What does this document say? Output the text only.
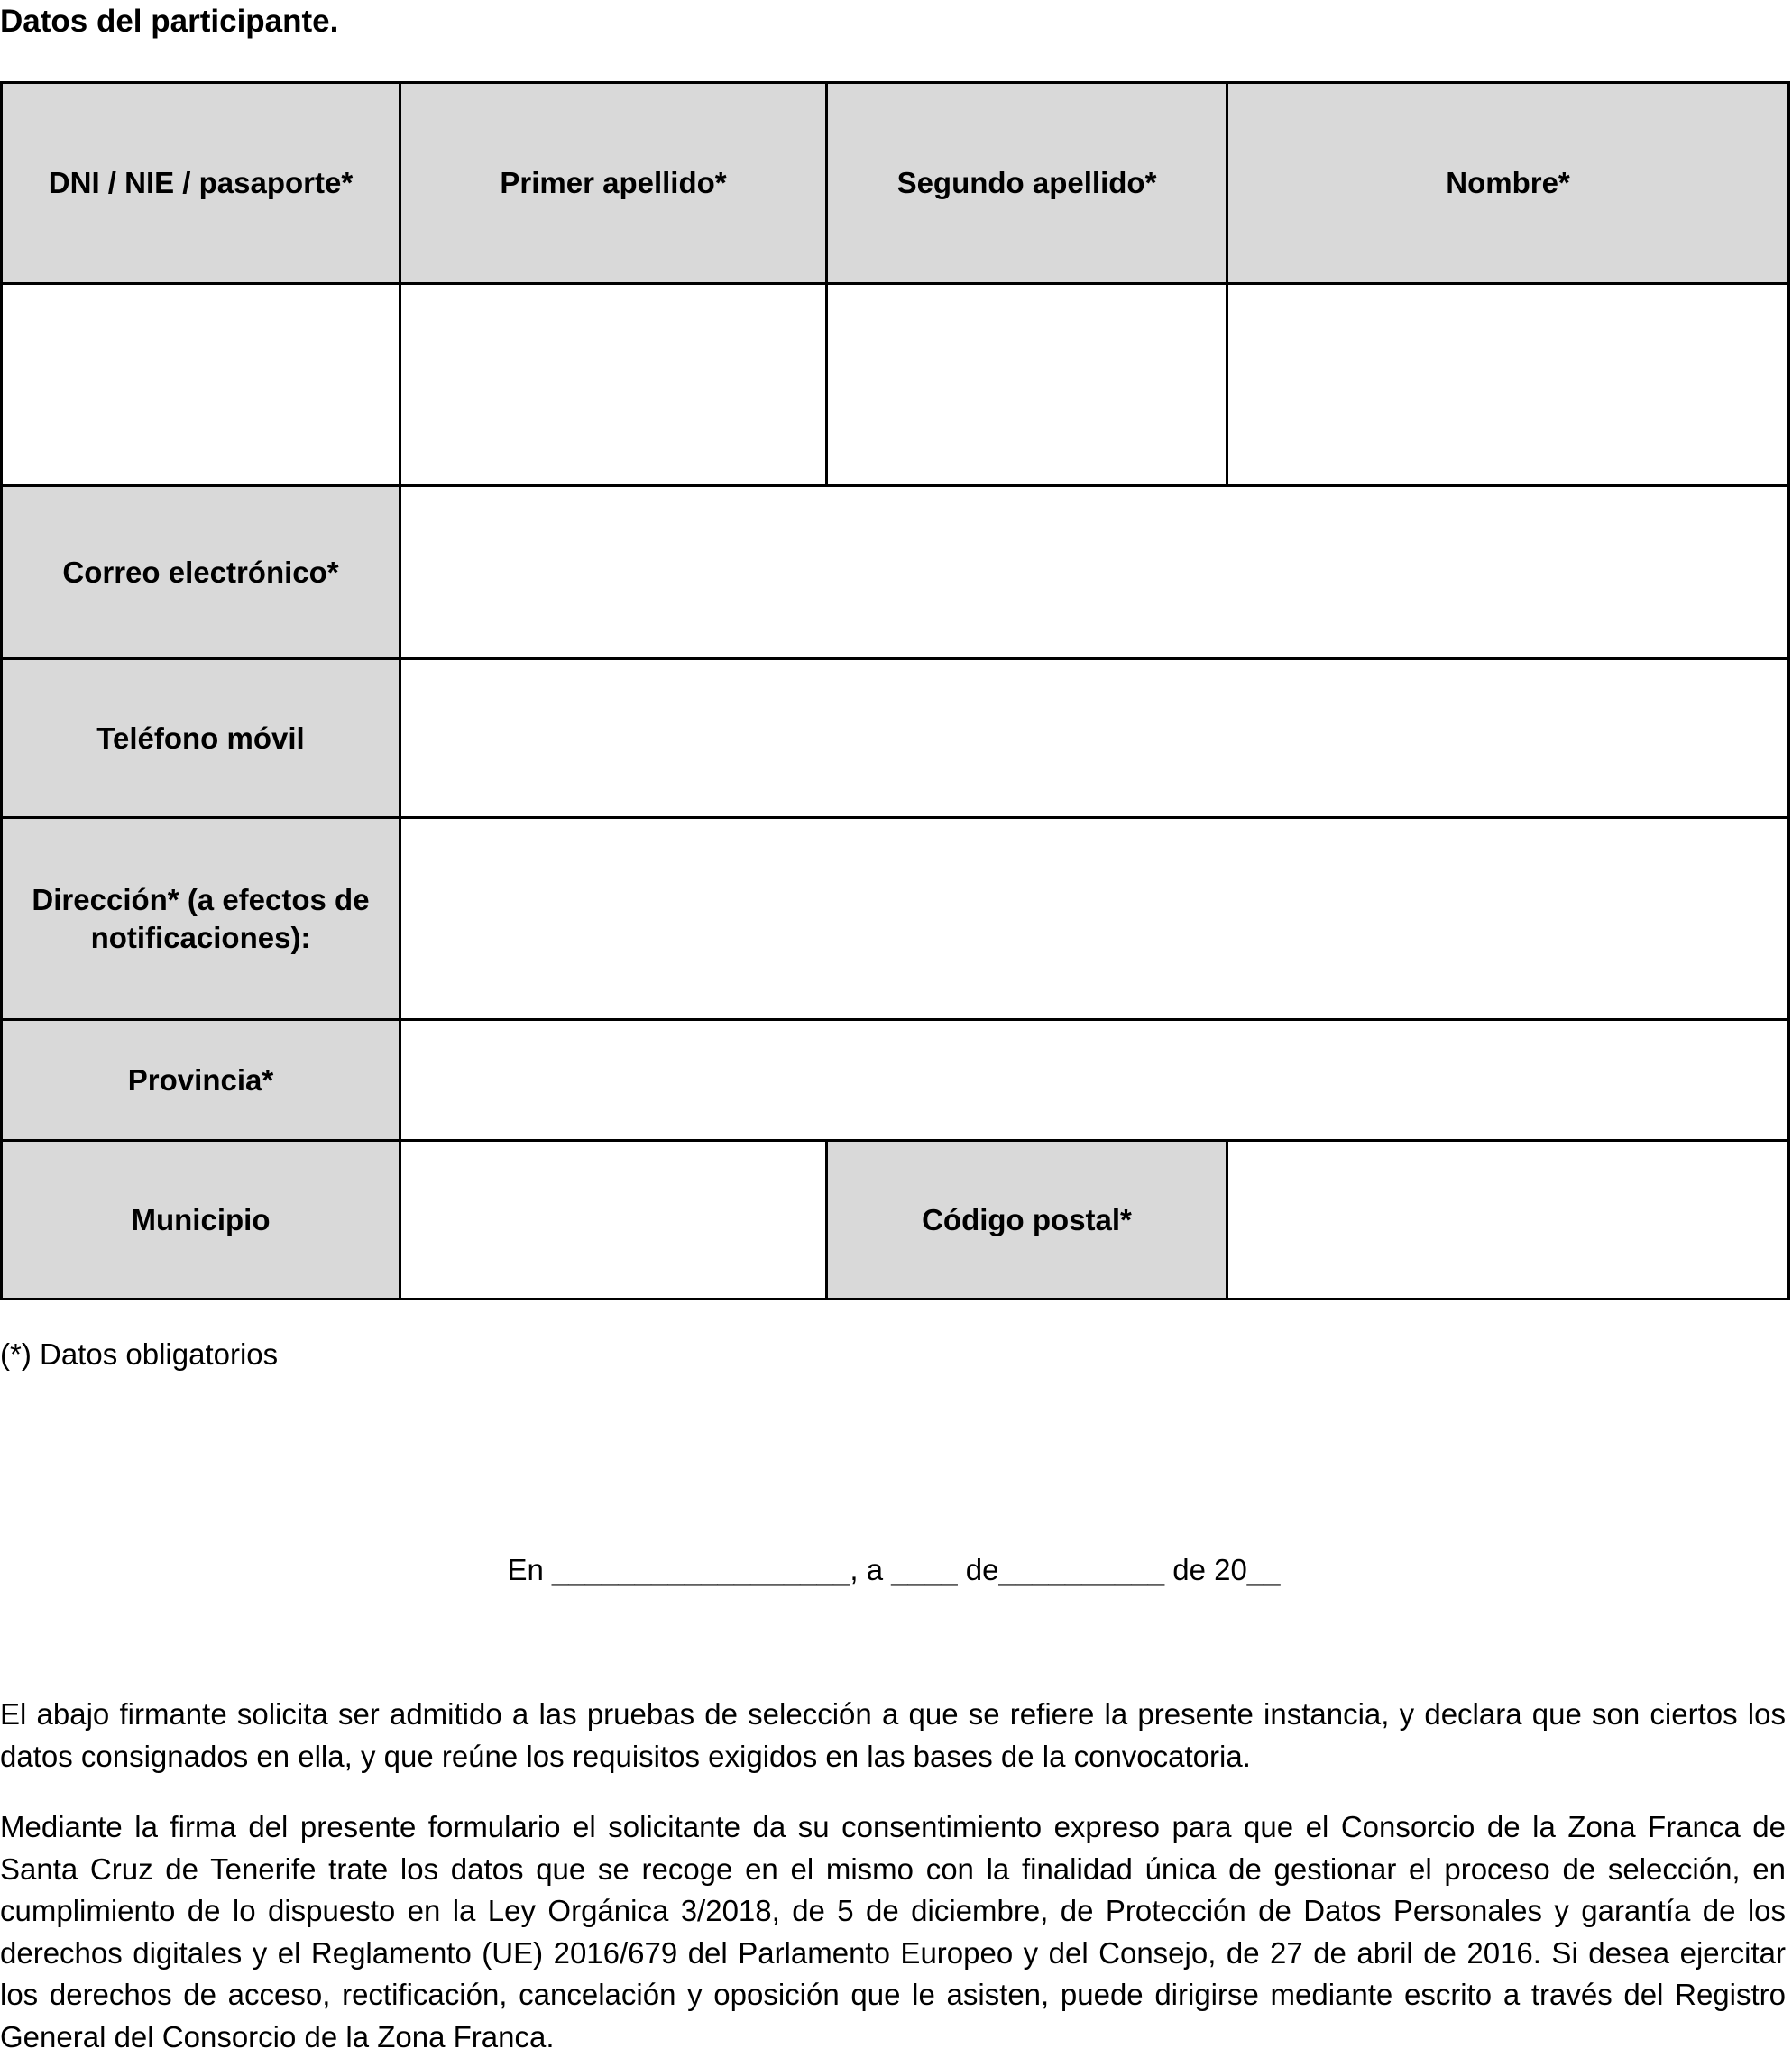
Datos del participante.
DNI / NIE / pasaporte*	Primer apellido*	Segundo apellido*	Nombre*

Correo electrónico*			
Teléfono móvil			
Dirección* (a efectos de notificaciones):			
Provincia*			
Municipio		Código postal*	
(*) Datos obligatorios
En __________________, a ____ de__________ de 20__

El abajo firmante solicita ser admitido a las pruebas de selección a que se refiere la presente instancia, y declara que son ciertos los datos consignados en ella, y que reúne los requisitos exigidos en las bases de la convocatoria.

Mediante la firma del presente formulario el solicitante da su consentimiento expreso para que el Consorcio de la Zona Franca de Santa Cruz de Tenerife trate los datos que se recoge en el mismo con la finalidad única de gestionar el proceso de selección, en cumplimiento de lo dispuesto en la Ley Orgánica 3/2018, de 5 de diciembre, de Protección de Datos Personales y garantía de los derechos digitales y el Reglamento (UE) 2016/679 del Parlamento Europeo y del Consejo, de 27 de abril de 2016. Si desea ejercitar los derechos de acceso, rectificación, cancelación y oposición que le asisten, puede dirigirse mediante escrito a través del Registro General del Consorcio de la Zona Franca.
